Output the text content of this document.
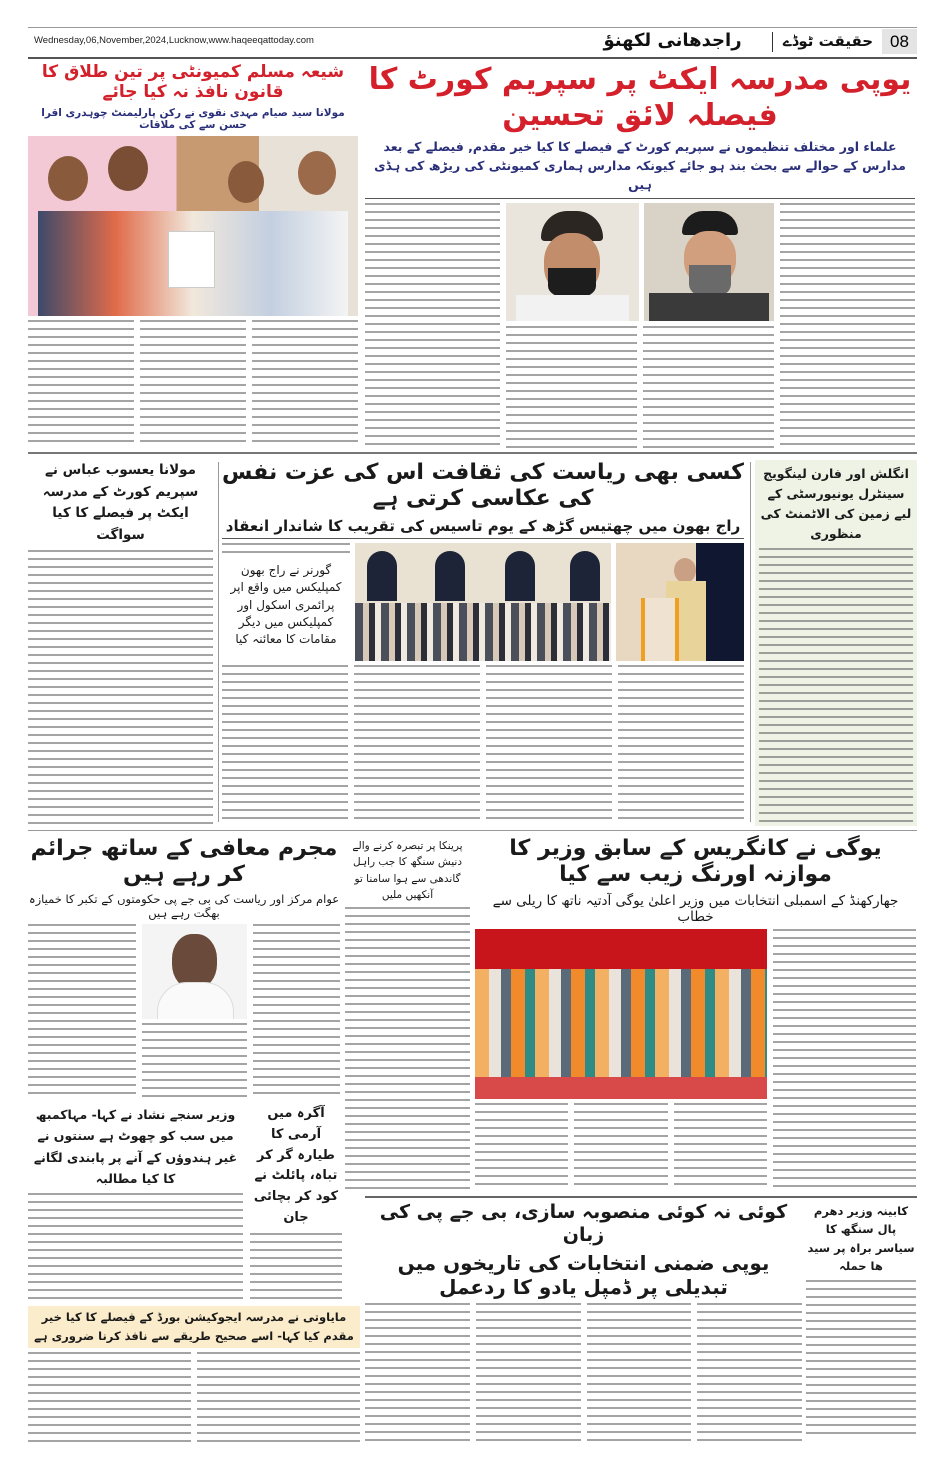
Wednesday,06,November,2024,Lucknow,www.haqeeqattoday.com	راجدھانی لکھنؤ	حقیقت ٹوڈے 08
یوپی مدرسہ ایکٹ پر سپریم کورٹ کا فیصلہ لائق تحسین
علماء اور مختلف تنظیموں نے سپریم کورٹ کے فیصلے کا کیا خیر مقدم, فیصلے کے بعد مدارس کے حوالے سے بحث بند ہو جائے کیونکہ مدارس ہماری کمیونٹی کی ریڑھ کی ہڈی ہیں
شیعہ مسلم کمیونٹی پر تین طلاق کا قانون نافذ نہ کیا جائے
مولانا سید صیام مہدی نقوی نے رکن پارلیمنٹ چوہدری اقرا حسن سے کی ملاقات
مولانا یعسوب عباس نے سپریم کورٹ کے مدرسہ ایکٹ پر فیصلے کا کیا سواگت
کسی بھی ریاست کی ثقافت اس کی عزت نفس کی عکاسی کرتی ہے
راج بھون میں چھتیس گڑھ کے یوم تاسیس کی تقریب کا شاندار انعقاد
گورنر نے راج بھون کمپلیکس میں واقع اپر پرائمری اسکول اور کمپلیکس میں دیگر مقامات کا معائنہ کیا
انگلش اور فارن لینگویج سینٹرل یونیورسٹی کے لیے زمین کی الاٹمنٹ کی منظوری
یوگی نے کانگریس کے سابق وزیر کا موازنہ اورنگ زیب سے کیا
جھارکھنڈ کے اسمبلی انتخابات میں وزیر اعلیٰ یوگی آدتیہ ناتھ کا ریلی سے خطاب
پرینکا پر تبصرہ کرنے والے دنیش سنگھ کا جب راہل گاندھی سے ہوا سامنا تو آنکھیں ملیں
مجرم معافی کے ساتھ جرائم کر رہے ہیں
عوام مرکز اور ریاست کی بی جے پی حکومتوں کے تکبر کا خمیازہ بھگت رہے ہیں
وزیر سنجے نشاد نے کہا- مہاکمبھ میں سب کو چھوٹ ہے سنتوں نے غیر ہندوؤں کے آنے پر پابندی لگانے کا کیا مطالبہ
آگرہ میں آرمی کا طیارہ گر کر تباہ، پائلٹ نے کود کر بچائی جان	کوئی نہ کوئی منصوبہ سازی، بی جے پی کی زبان
یوپی ضمنی انتخابات کی تاریخوں میں تبدیلی پر ڈمپل یادو کا ردعمل
کابینہ وزیر دھرم پال سنگھ کا سیاسر براہ پر سید ھا حملہ
مایاوتی نے مدرسہ ایجوکیشن بورڈ کے فیصلے کا کیا خیر مقدم کیا کہا- اسے صحیح طریقے سے نافذ کرنا ضروری ہے
